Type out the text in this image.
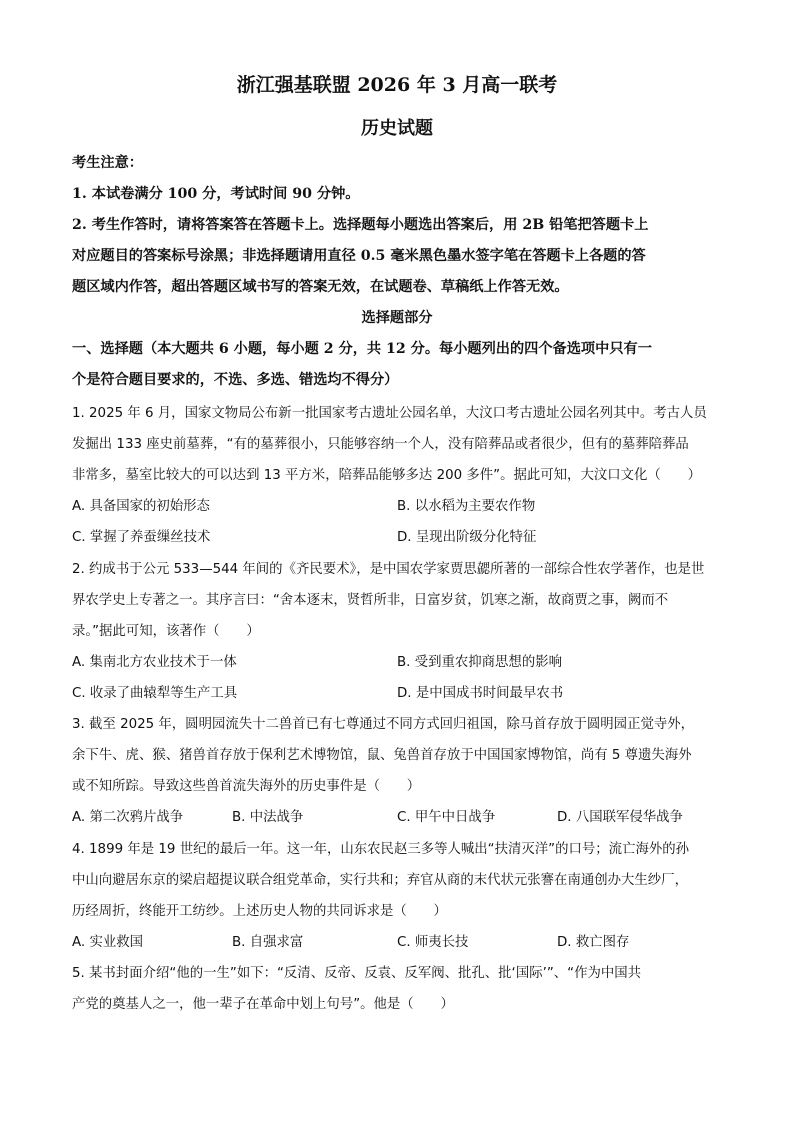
浙江强基联盟 2026 年 3 月高一联考
历史试题
考生注意：
1. 本试卷满分 100 分，考试时间 90 分钟。
2. 考生作答时，请将答案答在答题卡上。选择题每小题选出答案后，用 2B 铅笔把答题卡上
对应题目的答案标号涂黑；非选择题请用直径 0.5 毫米黑色墨水签字笔在答题卡上各题的答
题区域内作答，超出答题区域书写的答案无效，在试题卷、草稿纸上作答无效。
选择题部分
一、选择题（本大题共 6 小题，每小题 2 分，共 12 分。每小题列出的四个备选项中只有一
个是符合题目要求的，不选、多选、错选均不得分）
1. 2025 年 6 月，国家文物局公布新一批国家考古遗址公园名单，大汶口考古遗址公园名列其中。考古人员
发掘出 133 座史前墓葬，“有的墓葬很小，只能够容纳一个人，没有陪葬品或者很少，但有的墓葬陪葬品
非常多，墓室比较大的可以达到 13 平方米，陪葬品能够多达 200 多件”。据此可知，大汶口文化（　　）
A. 具备国家的初始形态	B. 以水稻为主要农作物
C. 掌握了养蚕缫丝技术	D. 呈现出阶级分化特征
2. 约成书于公元 533—544 年间的《齐民要术》，是中国农学家贾思勰所著的一部综合性农学著作，也是世
界农学史上专著之一。其序言曰：“舍本逐末，贤哲所非，日富岁贫，饥寒之渐，故商贾之事，阙而不
录。”据此可知，该著作（　　）
A. 集南北方农业技术于一体	B. 受到重农抑商思想的影响
C. 收录了曲辕犁等生产工具	D. 是中国成书时间最早农书
3. 截至 2025 年，圆明园流失十二兽首已有七尊通过不同方式回归祖国，除马首存放于圆明园正觉寺外，
余下牛、虎、猴、猪兽首存放于保利艺术博物馆，鼠、兔兽首存放于中国国家博物馆，尚有 5 尊遗失海外
或不知所踪。导致这些兽首流失海外的历史事件是（　　）
A. 第二次鸦片战争	B. 中法战争	C. 甲午中日战争	D. 八国联军侵华战争
4. 1899 年是 19 世纪的最后一年。这一年，山东农民赵三多等人喊出“扶清灭洋”的口号；流亡海外的孙
中山向避居东京的梁启超提议联合组党革命，实行共和；弃官从商的末代状元张謇在南通创办大生纱厂，
历经周折，终能开工纺纱。上述历史人物的共同诉求是（　　）
A. 实业救国	B. 自强求富	C. 师夷长技	D. 救亡图存
5. 某书封面介绍“他的一生”如下：“反清、反帝、反袁、反军阀、批孔、批‘国际’”、“作为中国共
产党的奠基人之一，他一辈子在革命中划上句号”。他是（　　）
